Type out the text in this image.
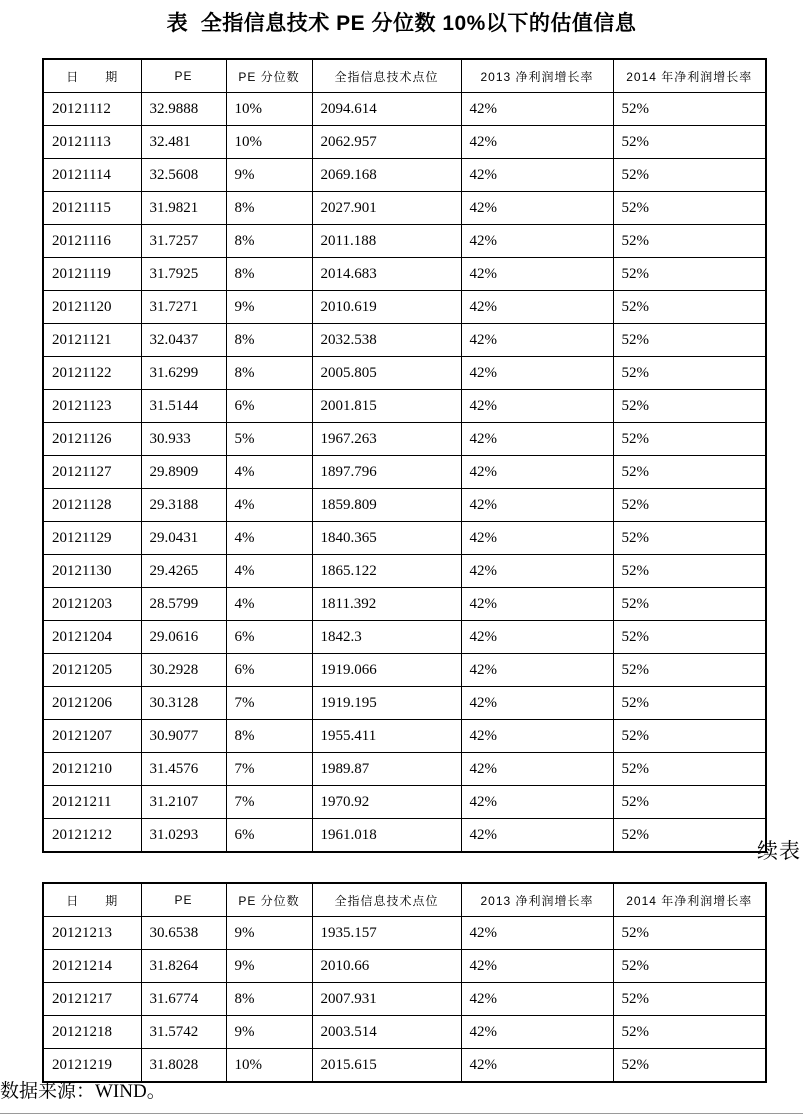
表  全指信息技术 PE 分位数 10%以下的估值信息
日　　期	PE	PE 分位数	全指信息技术点位	2013 净利润增长率	2014 年净利润增长率
20121112	32.9888	10%	2094.614	42%	52%
20121113	32.481	10%	2062.957	42%	52%
20121114	32.5608	9%	2069.168	42%	52%
20121115	31.9821	8%	2027.901	42%	52%
20121116	31.7257	8%	2011.188	42%	52%
20121119	31.7925	8%	2014.683	42%	52%
20121120	31.7271	9%	2010.619	42%	52%
20121121	32.0437	8%	2032.538	42%	52%
20121122	31.6299	8%	2005.805	42%	52%
20121123	31.5144	6%	2001.815	42%	52%
20121126	30.933	5%	1967.263	42%	52%
20121127	29.8909	4%	1897.796	42%	52%
20121128	29.3188	4%	1859.809	42%	52%
20121129	29.0431	4%	1840.365	42%	52%
20121130	29.4265	4%	1865.122	42%	52%
20121203	28.5799	4%	1811.392	42%	52%
20121204	29.0616	6%	1842.3	42%	52%
20121205	30.2928	6%	1919.066	42%	52%
20121206	30.3128	7%	1919.195	42%	52%
20121207	30.9077	8%	1955.411	42%	52%
20121210	31.4576	7%	1989.87	42%	52%
20121211	31.2107	7%	1970.92	42%	52%
20121212	31.0293	6%	1961.018	42%	52%
续表
日　　期	PE	PE 分位数	全指信息技术点位	2013 净利润增长率	2014 年净利润增长率
20121213	30.6538	9%	1935.157	42%	52%
20121214	31.8264	9%	2010.66	42%	52%
20121217	31.6774	8%	2007.931	42%	52%
20121218	31.5742	9%	2003.514	42%	52%
20121219	31.8028	10%	2015.615	42%	52%
数据来源：WIND。
